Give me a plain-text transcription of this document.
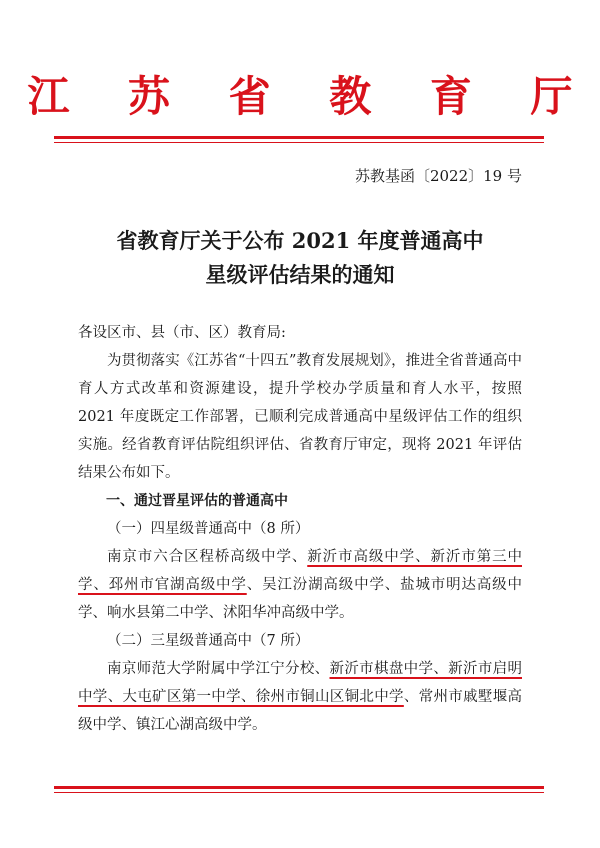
江 苏 省 教 育 厅
苏教基函〔2022〕19 号
省教育厅关于公布 2021 年度普通高中
星级评估结果的通知

各设区市、县（市、区）教育局:

为贯彻落实《江苏省“十四五”教育发展规划》，推进全省普通高中育人方式改革和资源建设，提升学校办学质量和育人水平，按照 2021 年度既定工作部署，已顺利完成普通高中星级评估工作的组织实施。经省教育评估院组织评估、省教育厅审定，现将 2021 年评估结果公布如下。

一、通过晋星评估的普通高中

（一）四星级普通高中（8 所）

南京市六合区程桥高级中学、新沂市高级中学、新沂市第三中学、邳州市官湖高级中学、吴江汾湖高级中学、盐城市明达高级中学、响水县第二中学、沭阳华冲高级中学。

（二）三星级普通高中（7 所）

南京师范大学附属中学江宁分校、新沂市棋盘中学、新沂市启明中学、大屯矿区第一中学、徐州市铜山区铜北中学、常州市戚墅堰高级中学、镇江心湖高级中学。
